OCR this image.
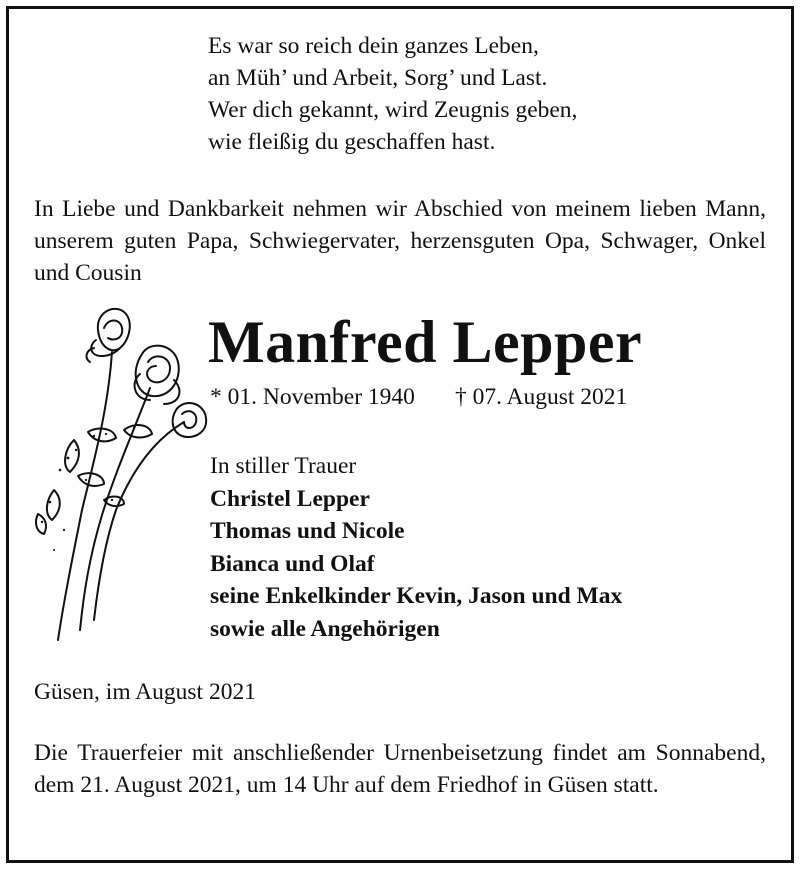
Es war so reich dein ganzes Leben,
an Müh’ und Arbeit, Sorg’ und Last.
Wer dich gekannt, wird Zeugnis geben,
wie fleißig du geschaffen hast.
In Liebe und Dankbarkeit nehmen wir Abschied von meinem lieben Mann, unserem guten Papa, Schwiegervater, herzensguten Opa, Schwager, Onkel und Cousin
Manfred Lepper
* 01. November 1940 † 07. August 2021
In stiller Trauer
Christel Lepper
Thomas und Nicole
Bianca und Olaf
seine Enkelkinder Kevin, Jason und Max
sowie alle Angehörigen
Güsen, im August 2021
Die Trauerfeier mit anschließender Urnenbeisetzung findet am Sonnabend, dem 21. August 2021, um 14 Uhr auf dem Friedhof in Güsen statt.
